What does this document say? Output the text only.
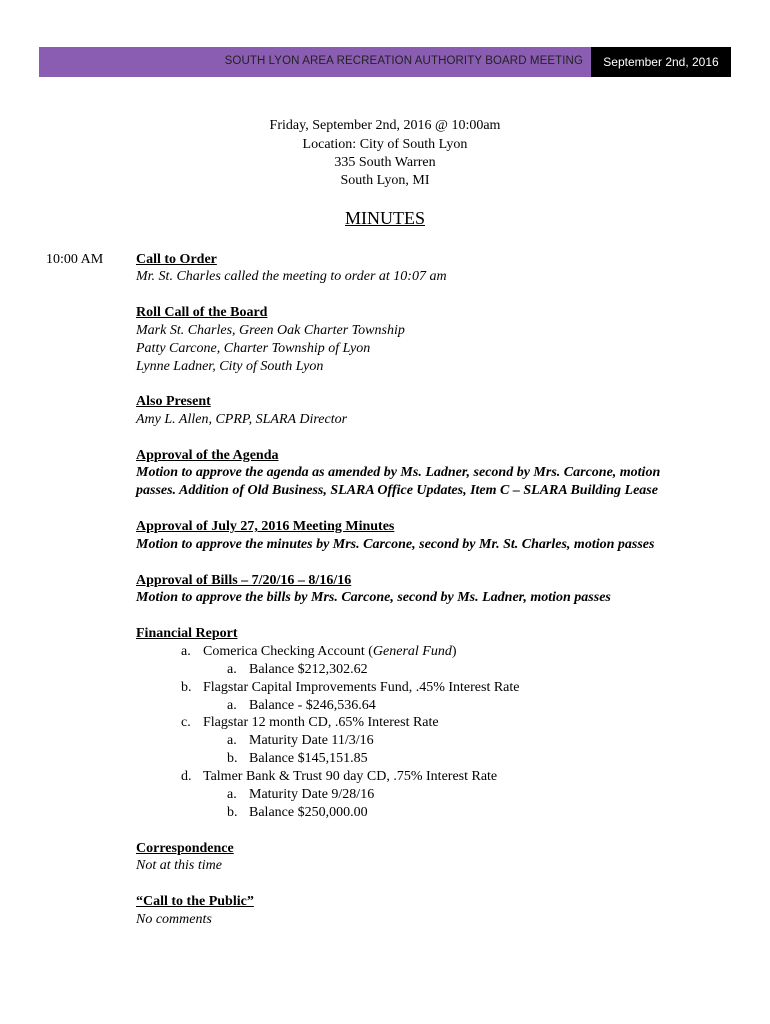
SOUTH LYON AREA RECREATION AUTHORITY BOARD MEETING	September 2nd, 2016
Friday, September 2nd, 2016 @ 10:00am
Location: City of South Lyon
335 South Warren
South Lyon, MI
MINUTES
10:00 AM Call to Order
Mr. St. Charles called the meeting to order at 10:07 am
Roll Call of the Board
Mark St. Charles, Green Oak Charter Township
Patty Carcone, Charter Township of Lyon
Lynne Ladner, City of South Lyon
Also Present
Amy L. Allen, CPRP, SLARA Director
Approval of the Agenda
Motion to approve the agenda as amended by Ms. Ladner, second by Mrs. Carcone, motion
passes. Addition of Old Business, SLARA Office Updates, Item C – SLARA Building Lease
Approval of July 27, 2016 Meeting Minutes
Motion to approve the minutes by Mrs. Carcone, second by Mr. St. Charles, motion passes
Approval of Bills – 7/20/16 – 8/16/16
Motion to approve the bills by Mrs. Carcone, second by Ms. Ladner, motion passes
Financial Report
a. Comerica Checking Account (General Fund)
a. Balance $212,302.62
b. Flagstar Capital Improvements Fund, .45% Interest Rate
a. Balance - $246,536.64
c. Flagstar 12 month CD, .65% Interest Rate
a. Maturity Date 11/3/16
b. Balance $145,151.85
d. Talmer Bank & Trust 90 day CD, .75% Interest Rate
a. Maturity Date 9/28/16
b. Balance $250,000.00
Correspondence
Not at this time
“Call to the Public”
No comments
